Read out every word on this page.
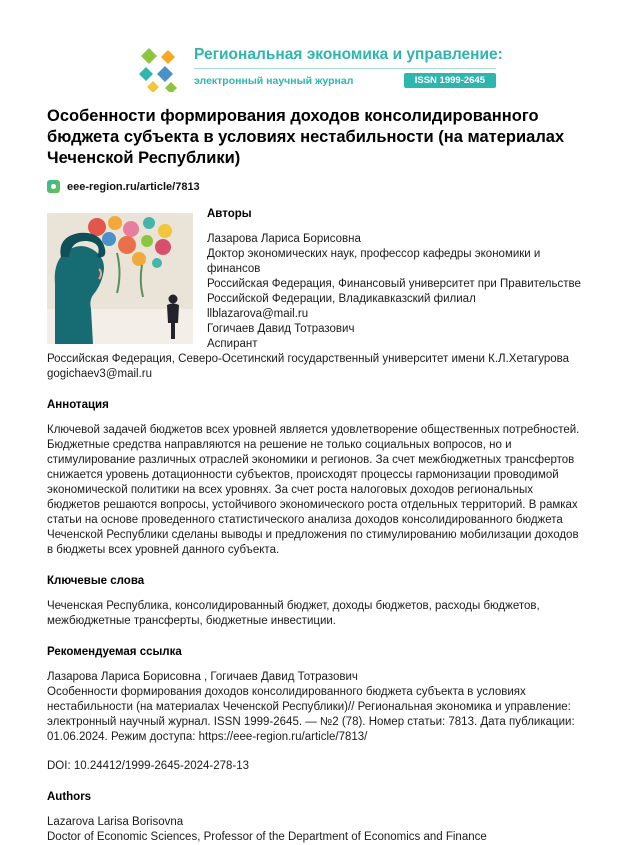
Региональная экономика и управление:
электронный научный журнал	ISSN 1999-2645
Особенности формирования доходов консолидированного бюджета субъекта в условиях нестабильности (на материалах Чеченской Республики)
eee-region.ru/article/7813
Авторы
Лазарова Лариса Борисовна
Доктор экономических наук, профессор кафедры экономики и финансов
Российская Федерация, Финансовый университет при Правительстве Российской Федерации, Владикавказский филиал
llblazarova@mail.ru
Гогичаев Давид Тотразович
Аспирант
Российская Федерация, Северо-Осетинский государственный университет имени К.Л.Хетагурова
gogichaev3@mail.ru
Аннотация

Ключевой задачей бюджетов всех уровней является удовлетворение общественных потребностей. Бюджетные средства направляются на решение не только социальных вопросов, но и стимулирование различных отраслей экономики и регионов. За счет межбюджетных трансфертов снижается уровень дотационности субъектов, происходят процессы гармонизации проводимой экономической политики на всех уровнях. За счет роста налоговых доходов региональных бюджетов решаются вопросы, устойчивого экономического роста отдельных территорий. В рамках статьи на основе проведенного статистического анализа доходов консолидированного бюджета Чеченской Республики сделаны выводы и предложения по стимулированию мобилизации доходов в бюджеты всех уровней данного субъекта.

Ключевые слова

Чеченская Республика, консолидированный бюджет, доходы бюджетов, расходы бюджетов, межбюджетные трансферты, бюджетные инвестиции.

Рекомендуемая ссылка
Лазарова Лариса Борисовна , Гогичаев Давид Тотразович

Особенности формирования доходов консолидированного бюджета субъекта в условиях нестабильности (на материалах Чеченской Республики)// Региональная экономика и управление: электронный научный журнал. ISSN 1999-2645. — №2 (78). Номер статьи: 7813. Дата публикации: 01.06.2024. Режим доступа: https://eee-region.ru/article/7813/

DOI: 10.24412/1999-2645-2024-278-13

Authors
Lazarova Larisa Borisovna
Doctor of Economic Sciences, Professor of the Department of Economics and Finance
